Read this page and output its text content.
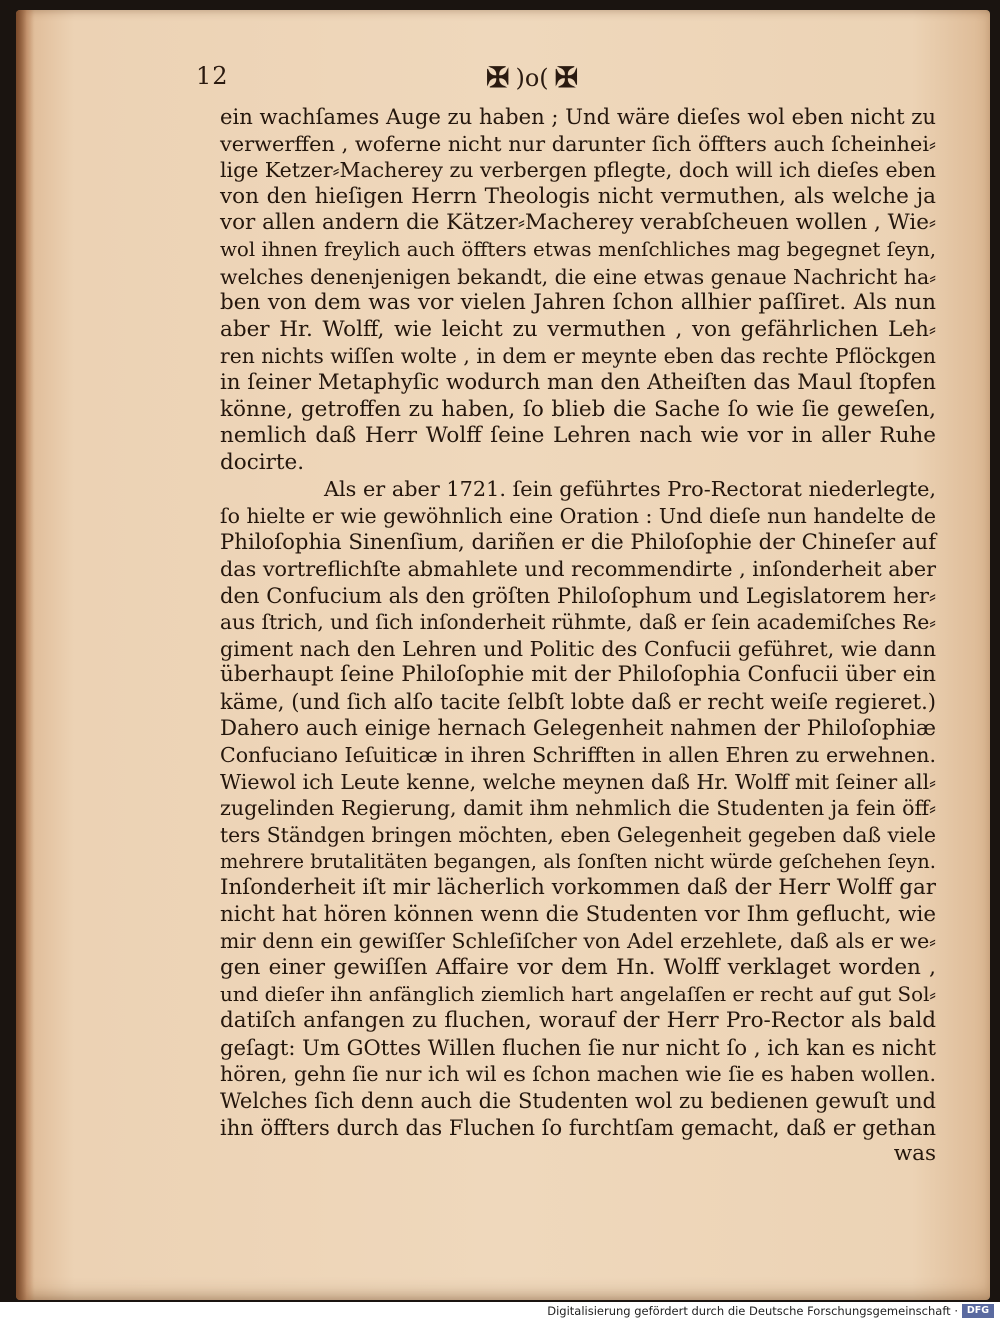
12	✠ )o( ✠
ein wachſames Auge zu haben ; Und wäre dieſes wol eben nicht zu
verwerffen , woferne nicht nur darunter ſich öffters auch ſcheinhei⸗
lige Ketzer⸗Macherey zu verbergen pflegte, doch will ich dieſes eben
von den hieſigen Herrn Theologis nicht vermuthen, als welche ja
vor allen andern die Kätzer⸗Macherey verabſcheuen wollen , Wie⸗
wol ihnen freylich auch öffters etwas menſchliches mag begegnet ſeyn,
welches denenjenigen bekandt, die eine etwas genaue Nachricht ha⸗
ben von dem was vor vielen Jahren ſchon allhier paſſiret. Als nun
aber Hr. Wolff, wie leicht zu vermuthen , von gefährlichen Leh⸗
ren nichts wiſſen wolte , in dem er meynte eben das rechte Pflöckgen
in ſeiner Metaphyſic wodurch man den Atheiſten das Maul ſtopfen
könne, getroffen zu haben, ſo blieb die Sache ſo wie ſie geweſen,
nemlich daß Herr Wolff ſeine Lehren nach wie vor in aller Ruhe
docirte.
Als er aber 1721. ſein geführtes Pro-Rectorat niederlegte,
ſo hielte er wie gewöhnlich eine Oration : Und dieſe nun handelte de
Philoſophia Sinenſium, dariñen er die Philoſophie der Chineſer auf
das vortreflichſte abmahlete und recommendirte , inſonderheit aber
den Confucium als den gröſten Philoſophum und Legislatorem her⸗
aus ſtrich, und ſich inſonderheit rühmte, daß er ſein academiſches Re⸗
giment nach den Lehren und Politic des Confucii geführet, wie dann
überhaupt ſeine Philoſophie mit der Philoſophia Confucii über ein
käme, (und ſich alſo tacite ſelbſt lobte daß er recht weiſe regieret.)
Dahero auch einige hernach Gelegenheit nahmen der Philoſophiæ
Confuciano Ieſuiticæ in ihren Schrifften in allen Ehren zu erwehnen.
Wiewol ich Leute kenne, welche meynen daß Hr. Wolff mit ſeiner all⸗
zugelinden Regierung, damit ihm nehmlich die Studenten ja fein öff⸗
ters Ständgen bringen möchten, eben Gelegenheit gegeben daß viele
mehrere brutalitäten begangen, als ſonſten nicht würde geſchehen ſeyn.
Inſonderheit iſt mir lächerlich vorkommen daß der Herr Wolff gar
nicht hat hören können wenn die Studenten vor Ihm geflucht, wie
mir denn ein gewiſſer Schleſiſcher von Adel erzehlete, daß als er we⸗
gen einer gewiſſen Affaire vor dem Hn. Wolff verklaget worden ,
und dieſer ihn anfänglich ziemlich hart angelaſſen er recht auf gut Sol⸗
datiſch anfangen zu fluchen, worauf der Herr Pro-Rector als bald
geſagt: Um GOttes Willen fluchen ſie nur nicht ſo , ich kan es nicht
hören, gehn ſie nur ich wil es ſchon machen wie ſie es haben wollen.
Welches ſich denn auch die Studenten wol zu bedienen gewuſt und
ihn öffters durch das Fluchen ſo furchtſam gemacht, daß er gethan
was
Digitalisierung gefördert durch die Deutsche Forschungsgemeinschaft · DFG
